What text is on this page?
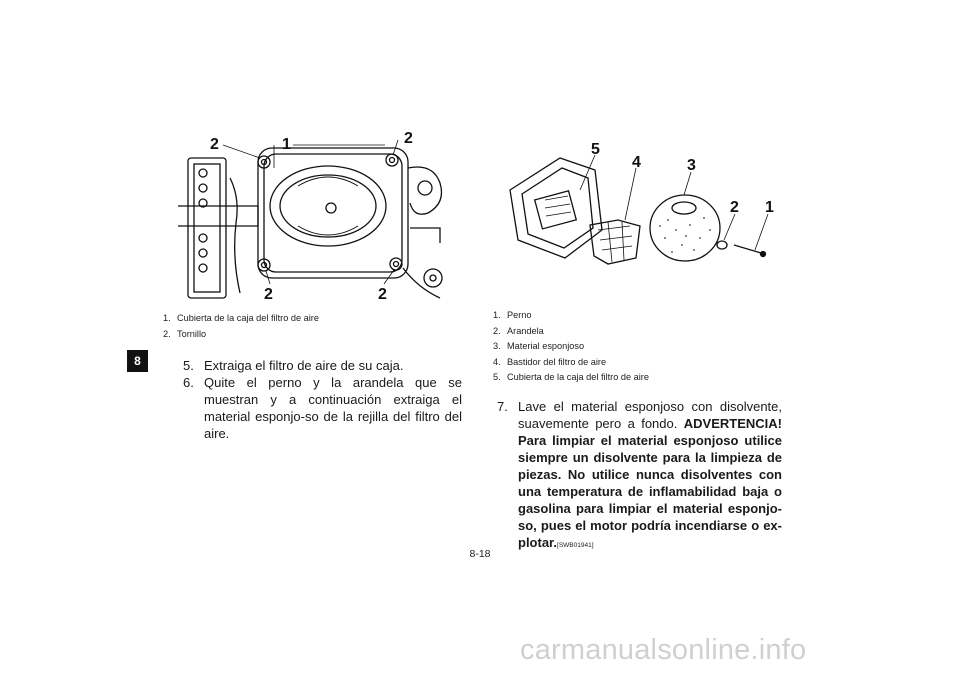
8
2	1	2
2	2
1. Cubierta de la caja del filtro de aire
2. Tornillo
5. Extraiga el filtro de aire de su caja.
6. Quite el perno y la arandela que se muestran y a continuación extraiga el material esponjo-so de la rejilla del filtro del aire.
5
4	3
2 1
1. Perno
2. Arandela
3. Material esponjoso
4. Bastidor del filtro de aire
5. Cubierta de la caja del filtro de aire
7. Lave el material esponjoso con disolvente, suavemente pero a fondo. ADVERTENCIA! Para limpiar el material esponjoso utilice siempre un disolvente para la limpieza de piezas. No utilice nunca disolventes con una temperatura de inflamabilidad baja o gasolina para limpiar el material esponjo-so, pues el motor podría incendiarse o ex-plotar.[SWB01941]
8-18
carmanualsonline.info
